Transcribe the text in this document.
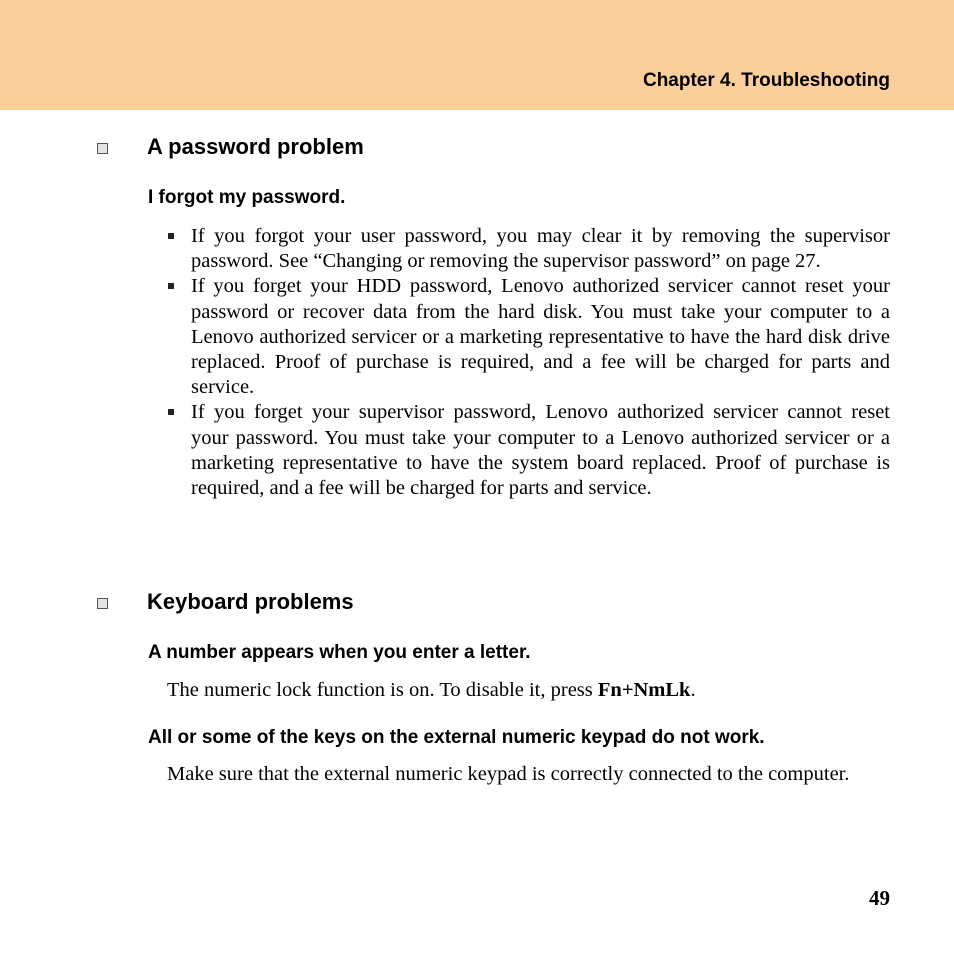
Chapter 4. Troubleshooting

A password problem
I forgot my password.
If you forgot your user password, you may clear it by removing the supervisor password. See “Changing or removing the supervisor password” on page 27.
If you forget your HDD password, Lenovo authorized servicer cannot reset your password or recover data from the hard disk. You must take your computer to a Lenovo authorized servicer or a marketing representative to have the hard disk drive replaced. Proof of purchase is required, and a fee will be charged for parts and service.
If you forget your supervisor password, Lenovo authorized servicer cannot reset your password. You must take your computer to a Lenovo authorized servicer or a marketing representative to have the system board replaced. Proof of purchase is required, and a fee will be charged for parts and service.
Keyboard problems
A number appears when you enter a letter.

The numeric lock function is on. To disable it, press Fn+NmLk.

All or some of the keys on the external numeric keypad do not work.

Make sure that the external numeric keypad is correctly connected to the computer.

49
